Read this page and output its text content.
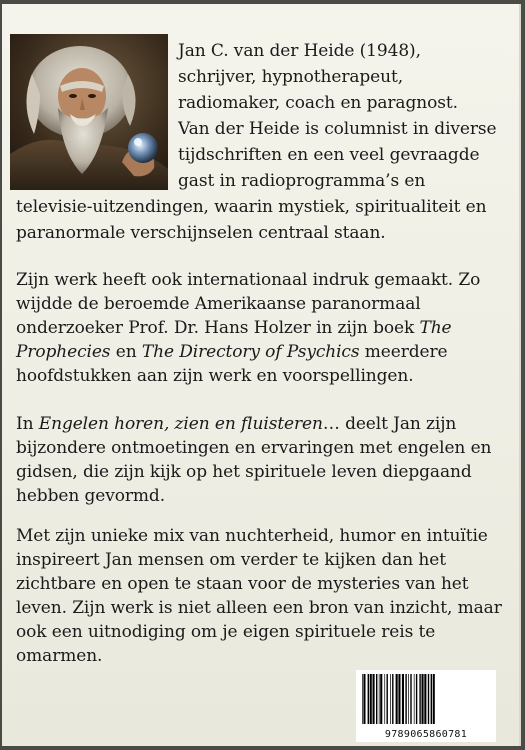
Jan C. van der Heide (1948),
schrijver, hypnotherapeut,
radiomaker, coach en paragnost.
Van der Heide is columnist in diverse
tijdschriften en een veel gevraagde
gast in radioprogramma’s en
televisie-uitzendingen, waarin mystiek, spiritualiteit en
paranormale verschijnselen centraal staan.
Zijn werk heeft ook internationaal indruk gemaakt. Zo
wijdde de beroemde Amerikaanse paranormaal
onderzoeker Prof. Dr. Hans Holzer in zijn boek The
Prophecies en The Directory of Psychics meerdere
hoofdstukken aan zijn werk en voorspellingen.
In Engelen horen, zien en fluisteren… deelt Jan zijn
bijzondere ontmoetingen en ervaringen met engelen en
gidsen, die zijn kijk op het spirituele leven diepgaand
hebben gevormd.
Met zijn unieke mix van nuchterheid, humor en intuïtie
inspireert Jan mensen om verder te kijken dan het
zichtbare en open te staan voor de mysteries van het
leven. Zijn werk is niet alleen een bron van inzicht, maar
ook een uitnodiging om je eigen spirituele reis te
omarmen.
9789065860781
